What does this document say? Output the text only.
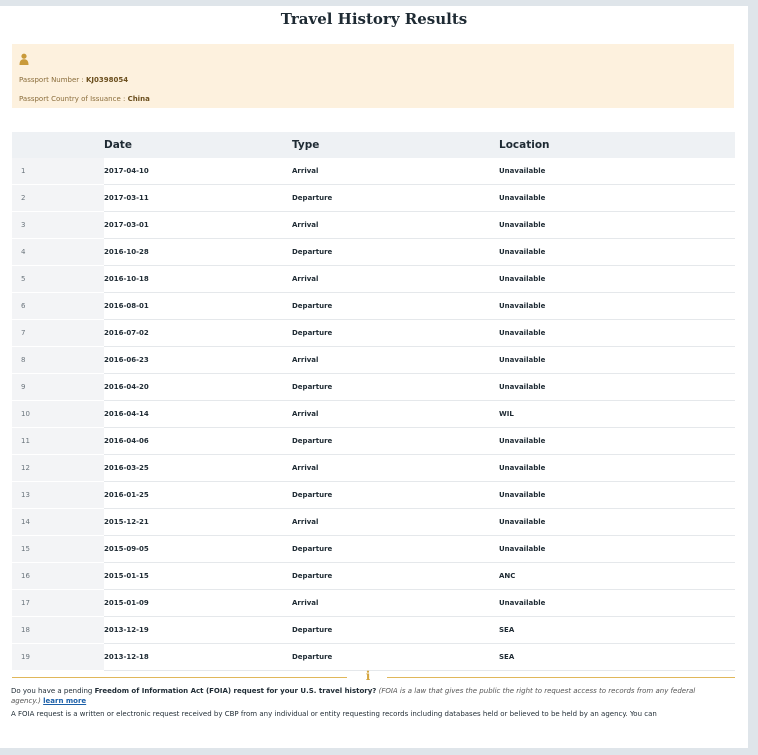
Travel History Results
Passport Number : KJ0398054
Passport Country of Issuance : China
	Date	Type	Location
1	2017-04-10	Arrival	Unavailable
2	2017-03-11	Departure	Unavailable
3	2017-03-01	Arrival	Unavailable
4	2016-10-28	Departure	Unavailable
5	2016-10-18	Arrival	Unavailable
6	2016-08-01	Departure	Unavailable
7	2016-07-02	Departure	Unavailable
8	2016-06-23	Arrival	Unavailable
9	2016-04-20	Departure	Unavailable
10	2016-04-14	Arrival	WIL
11	2016-04-06	Departure	Unavailable
12	2016-03-25	Arrival	Unavailable
13	2016-01-25	Departure	Unavailable
14	2015-12-21	Arrival	Unavailable
15	2015-09-05	Departure	Unavailable
16	2015-01-15	Departure	ANC
17	2015-01-09	Arrival	Unavailable
18	2013-12-19	Departure	SEA
19	2013-12-18	Departure	SEA
i
Do you have a pending Freedom of Information Act (FOIA) request for your U.S. travel history? (FOIA is a law that gives the public the right to request access to records from any federal agency.) learn more
A FOIA request is a written or electronic request received by CBP from any individual or entity requesting records including databases held or believed to be held by an agency. You can
